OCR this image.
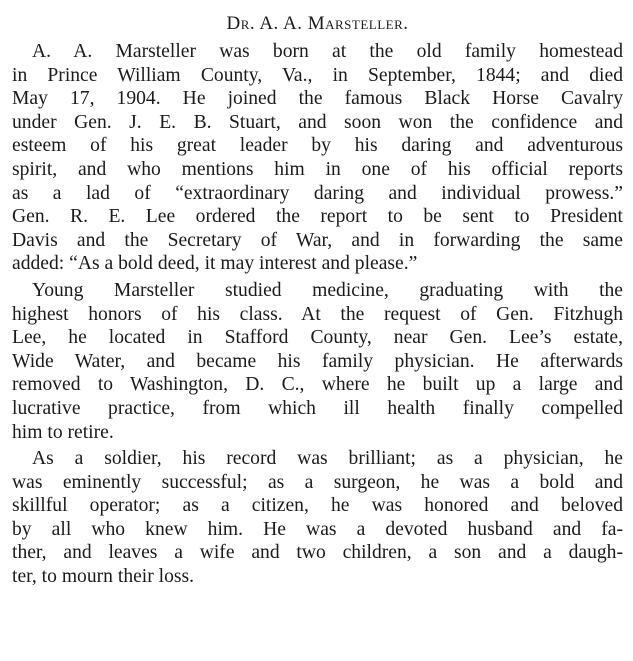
Dr. A. A. Marsteller.
A. A. Marsteller was born at the old family homestead
in Prince William County, Va., in September, 1844; and died
May 17, 1904. He joined the famous Black Horse Cavalry
under Gen. J. E. B. Stuart, and soon won the confidence and
esteem of his great leader by his daring and adventurous
spirit, and who mentions him in one of his official reports
as a lad of “extraordinary daring and individual prowess.”
Gen. R. E. Lee ordered the report to be sent to President
Davis and the Secretary of War, and in forwarding the same
added: “As a bold deed, it may interest and please.”
Young Marsteller studied medicine, graduating with the
highest honors of his class. At the request of Gen. Fitzhugh
Lee, he located in Stafford County, near Gen. Lee’s estate,
Wide Water, and became his family physician. He afterwards
removed to Washington, D. C., where he built up a large and
lucrative practice, from which ill health finally compelled
him to retire.
As a soldier, his record was brilliant; as a physician, he
was eminently successful; as a surgeon, he was a bold and
skillful operator; as a citizen, he was honored and beloved
by all who knew him. He was a devoted husband and fa-
ther, and leaves a wife and two children, a son and a daugh-
ter, to mourn their loss.
